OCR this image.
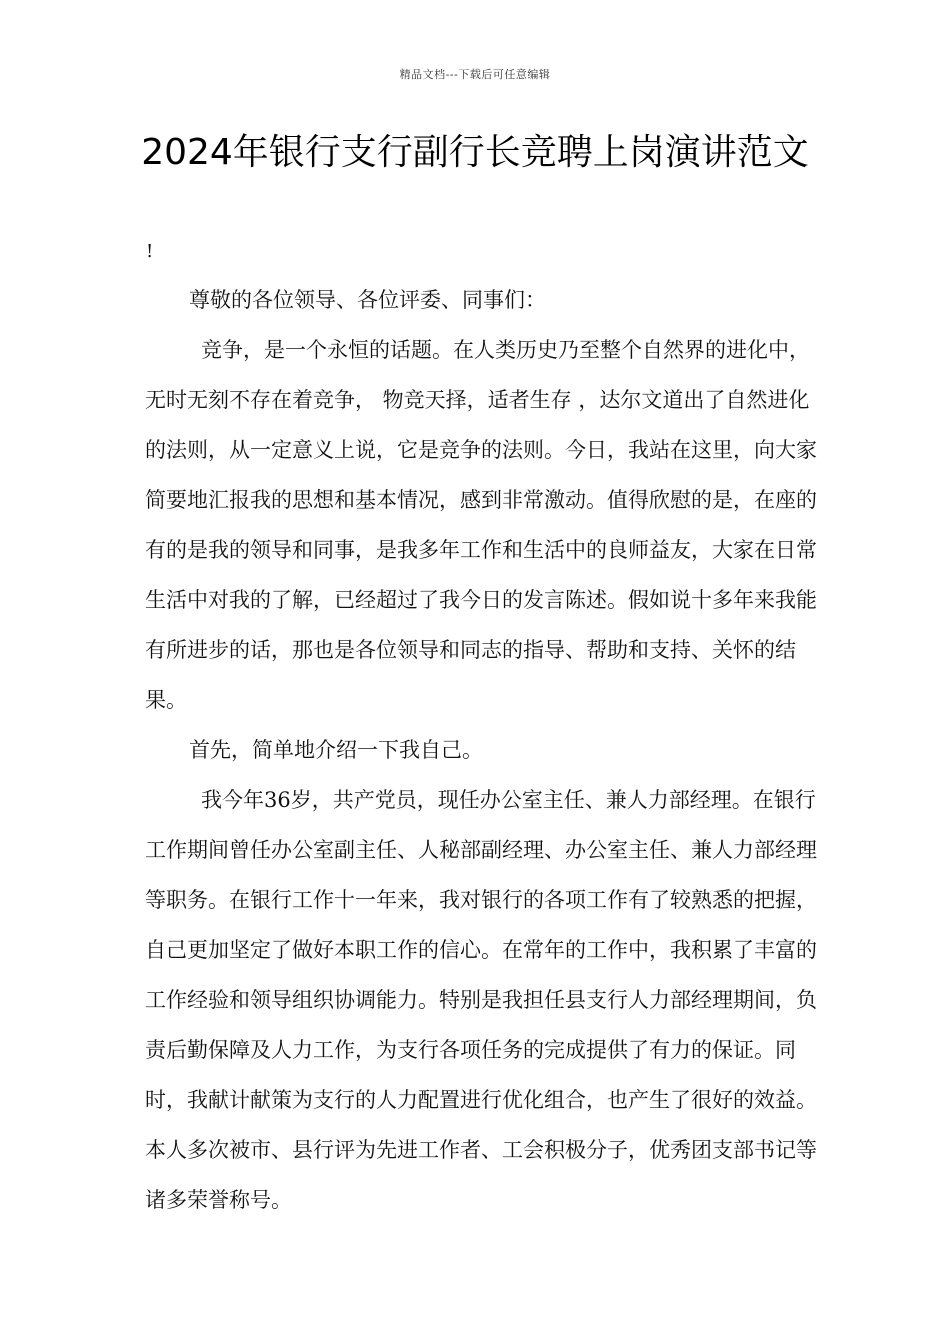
精品文档---下载后可任意编辑
2024年银行支行副行长竞聘上岗演讲范文
!

尊敬的各位领导、各位评委、同事们：

竞争，是一个永恒的话题。在人类历史乃至整个自然界的进化中，无时无刻不存在着竞争， 物竞天择，适者生存 ，达尔文道出了自然进化的法则，从一定意义上说，它是竞争的法则。今日，我站在这里，向大家简要地汇报我的思想和基本情况，感到非常激动。值得欣慰的是，在座的有的是我的领导和同事，是我多年工作和生活中的良师益友，大家在日常生活中对我的了解，已经超过了我今日的发言陈述。假如说十多年来我能有所进步的话，那也是各位领导和同志的指导、帮助和支持、关怀的结果。

首先，简单地介绍一下我自己。

我今年36岁，共产党员，现任办公室主任、兼人力部经理。在银行工作期间曾任办公室副主任、人秘部副经理、办公室主任、兼人力部经理等职务。在银行工作十一年来，我对银行的各项工作有了较熟悉的把握，自己更加坚定了做好本职工作的信心。在常年的工作中，我积累了丰富的工作经验和领导组织协调能力。特别是我担任县支行人力部经理期间，负责后勤保障及人力工作，为支行各项任务的完成提供了有力的保证。同时，我献计献策为支行的人力配置进行优化组合，也产生了很好的效益。本人多次被市、县行评为先进工作者、工会积极分子，优秀团支部书记等诸多荣誉称号。
